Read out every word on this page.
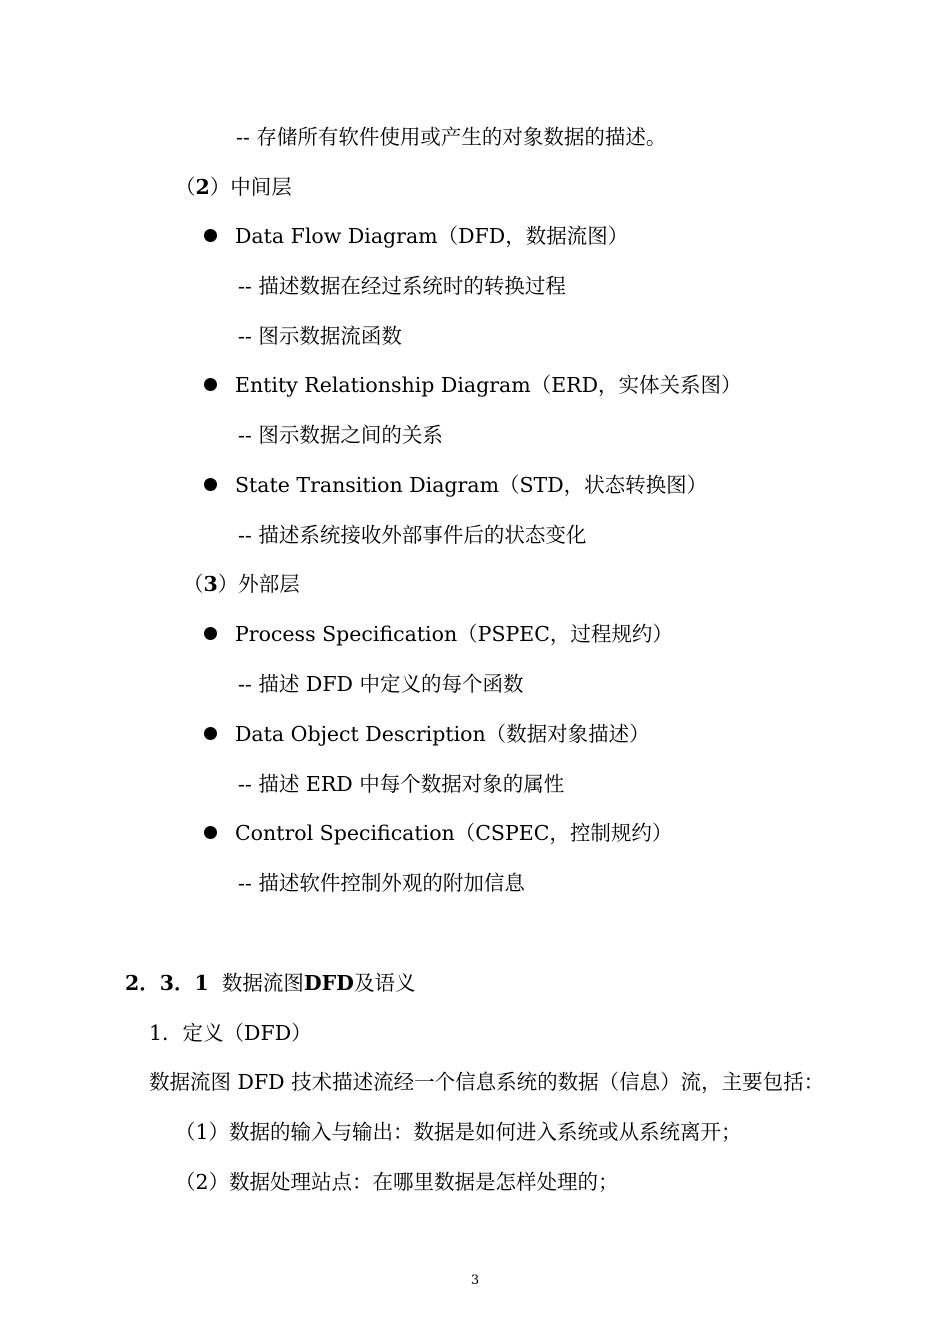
-- 存储所有软件使用或产生的对象数据的描述。
（2）中间层
Data Flow Diagram（DFD，数据流图）
-- 描述数据在经过系统时的转换过程
-- 图示数据流函数
Entity Relationship Diagram（ERD，实体关系图）
-- 图示数据之间的关系
State Transition Diagram（STD，状态转换图）
-- 描述系统接收外部事件后的状态变化
（3）外部层
Process Specification（PSPEC，过程规约）
-- 描述 DFD 中定义的每个函数
Data Object Description（数据对象描述）
-- 描述 ERD 中每个数据对象的属性
Control Specification（CSPEC，控制规约）
-- 描述软件控制外观的附加信息
2．3．1 数据流图DFD及语义
1．定义（DFD）
数据流图 DFD 技术描述流经一个信息系统的数据（信息）流，主要包括：
（1）数据的输入与输出：数据是如何进入系统或从系统离开；
（2）数据处理站点：在哪里数据是怎样处理的；
3
